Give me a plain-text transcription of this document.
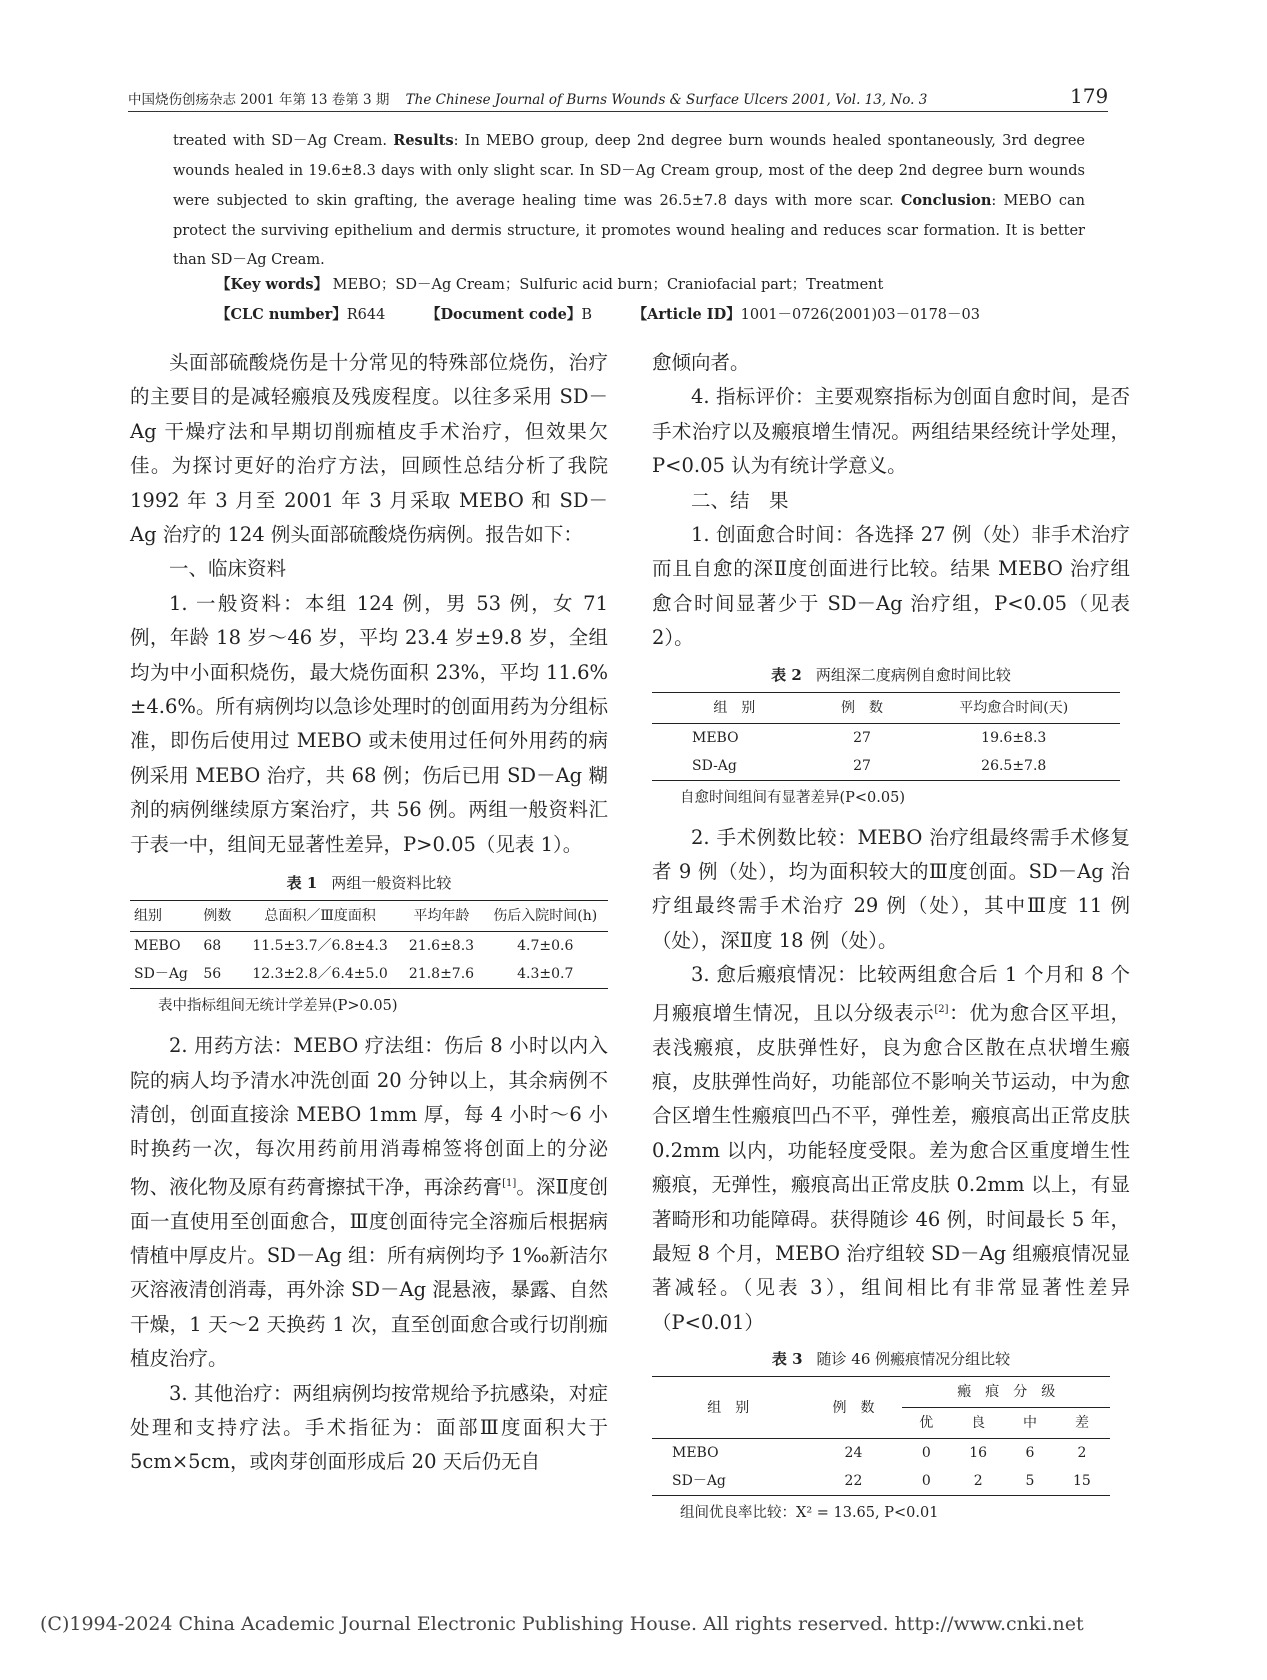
中国烧伤创疡杂志 2001 年第 13 卷第 3 期 The Chinese Journal of Burns Wounds & Surface Ulcers 2001, Vol. 13, No. 3	179
treated with SD－Ag Cream. Results: In MEBO group, deep 2nd degree burn wounds healed spontaneously, 3rd degree wounds healed in 19.6±8.3 days with only slight scar. In SD－Ag Cream group, most of the deep 2nd degree burn wounds were subjected to skin grafting, the average healing time was 26.5±7.8 days with more scar. Conclusion: MEBO can protect the surviving epithelium and dermis structure, it promotes wound healing and reduces scar formation. It is better than SD－Ag Cream.
【Key words】 MEBO；SD－Ag Cream；Sulfuric acid burn；Craniofacial part；Treatment
【CLC number】R644	【Document code】B	【Article ID】1001－0726(2001)03－0178－03

头面部硫酸烧伤是十分常见的特殊部位烧伤，治疗的主要目的是减轻瘢痕及残废程度。以往多采用 SD－Ag 干燥疗法和早期切削痂植皮手术治疗，但效果欠佳。为探讨更好的治疗方法，回顾性总结分析了我院 1992 年 3 月至 2001 年 3 月采取 MEBO 和 SD－Ag 治疗的 124 例头面部硫酸烧伤病例。报告如下：

一、临床资料

1. 一般资料：本组 124 例，男 53 例，女 71 例，年龄 18 岁～46 岁，平均 23.4 岁±9.8 岁，全组均为中小面积烧伤，最大烧伤面积 23%，平均 11.6%±4.6%。所有病例均以急诊处理时的创面用药为分组标准，即伤后使用过 MEBO 或未使用过任何外用药的病例采用 MEBO 治疗，共 68 例；伤后已用 SD－Ag 糊剂的病例继续原方案治疗，共 56 例。两组一般资料汇于表一中，组间无显著性差异，P>0.05（见表 1）。

表 1 两组一般资料比较
组别	例数	总面积／Ⅲ度面积	平均年龄	伤后入院时间(h)
MEBO	68	11.5±3.7／6.8±4.3	21.6±8.3	4.7±0.6
SD－Ag	56	12.3±2.8／6.4±5.0	21.8±7.6	4.3±0.7
表中指标组间无统计学差异(P>0.05)

2. 用药方法：MEBO 疗法组：伤后 8 小时以内入院的病人均予清水冲洗创面 20 分钟以上，其余病例不清创，创面直接涂 MEBO 1mm 厚，每 4 小时～6 小时换药一次，每次用药前用消毒棉签将创面上的分泌物、液化物及原有药膏擦拭干净，再涂药膏[1]。深Ⅱ度创面一直使用至创面愈合，Ⅲ度创面待完全溶痂后根据病情植中厚皮片。SD－Ag 组：所有病例均予 1‰新洁尔灭溶液清创消毒，再外涂 SD－Ag 混悬液，暴露、自然干燥，1 天～2 天换药 1 次，直至创面愈合或行切削痂植皮治疗。

3. 其他治疗：两组病例均按常规给予抗感染，对症处理和支持疗法。手术指征为：面部Ⅲ度面积大于 5cm×5cm，或肉芽创面形成后 20 天后仍无自

愈倾向者。

4. 指标评价：主要观察指标为创面自愈时间，是否手术治疗以及瘢痕增生情况。两组结果经统计学处理，P<0.05 认为有统计学意义。

二、结　果

1. 创面愈合时间：各选择 27 例（处）非手术治疗而且自愈的深Ⅱ度创面进行比较。结果 MEBO 治疗组愈合时间显著少于 SD－Ag 治疗组，P<0.05（见表 2）。

表 2 两组深二度病例自愈时间比较
组　别	例　数	平均愈合时间(天)
MEBO	27	19.6±8.3
SD-Ag	27	26.5±7.8
自愈时间组间有显著差异(P<0.05)

2. 手术例数比较：MEBO 治疗组最终需手术修复者 9 例（处），均为面积较大的Ⅲ度创面。SD－Ag 治疗组最终需手术治疗 29 例（处），其中Ⅲ度 11 例（处），深Ⅱ度 18 例（处）。

3. 愈后瘢痕情况：比较两组愈合后 1 个月和 8 个月瘢痕增生情况，且以分级表示[2]：优为愈合区平坦，表浅瘢痕，皮肤弹性好，良为愈合区散在点状增生瘢痕，皮肤弹性尚好，功能部位不影响关节运动，中为愈合区增生性瘢痕凹凸不平，弹性差，瘢痕高出正常皮肤 0.2mm 以内，功能轻度受限。差为愈合区重度增生性瘢痕，无弹性，瘢痕高出正常皮肤 0.2mm 以上，有显著畸形和功能障碍。获得随诊 46 例，时间最长 5 年，最短 8 个月，MEBO 治疗组较 SD－Ag 组瘢痕情况显著减轻。（见表 3），组间相比有非常显著性差异（P<0.01）

表 3 随诊 46 例瘢痕情况分组比较
组　别	例　数	瘢　痕　分　级			
		优	良	中	差
MEBO	24	0	16	6	2
SD－Ag	22	0	2	5	15
组间优良率比较：X² = 13.65, P<0.01
(C)1994-2024 China Academic Journal Electronic Publishing House. All rights reserved. http://www.cnki.net
